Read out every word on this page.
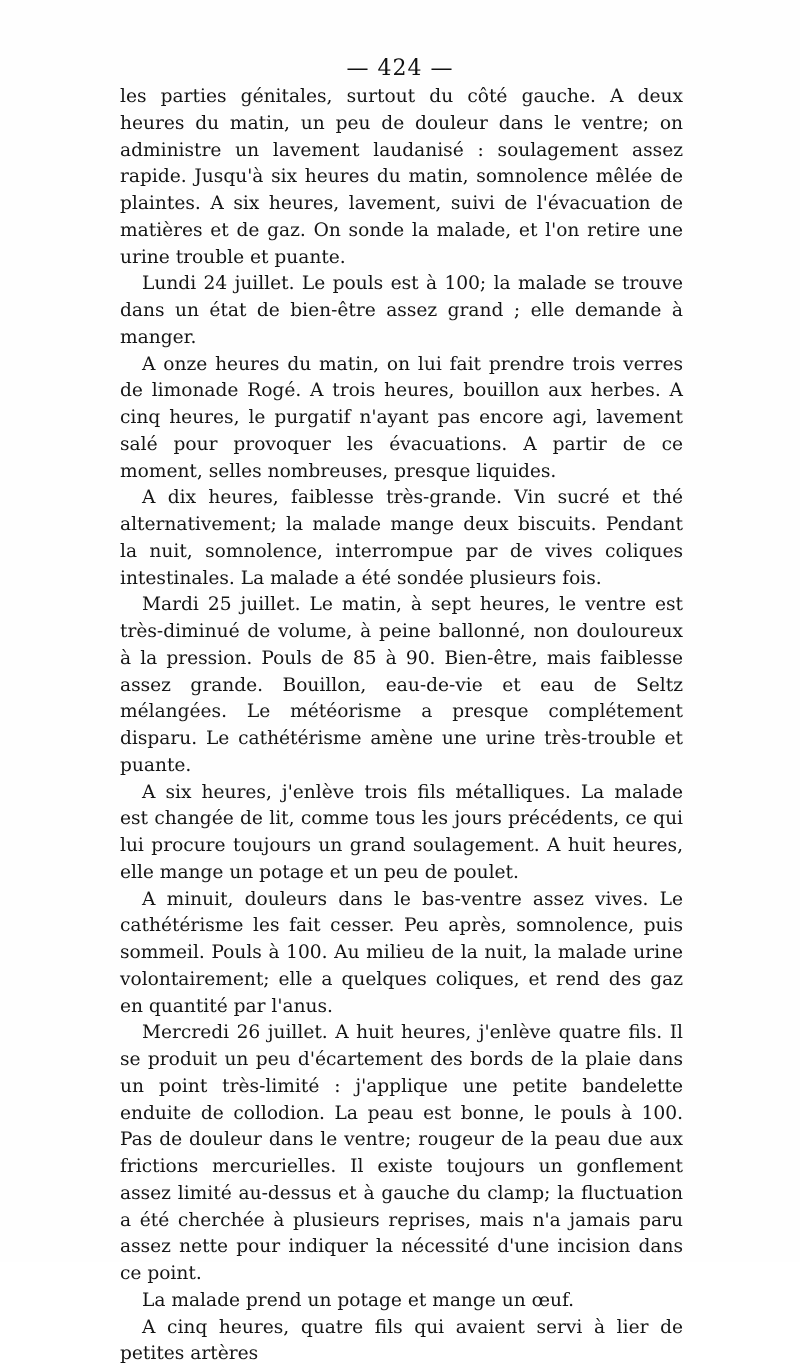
— 424 —

les parties génitales, surtout du côté gauche. A deux heures du matin, un peu de douleur dans le ventre; on administre un lavement laudanisé : soulagement assez rapide. Jusqu'à six heures du matin, somnolence mêlée de plaintes. A six heures, lavement, suivi de l'évacuation de matières et de gaz. On sonde la malade, et l'on retire une urine trouble et puante.

Lundi 24 juillet. Le pouls est à 100; la malade se trouve dans un état de bien-être assez grand ; elle demande à manger.

A onze heures du matin, on lui fait prendre trois verres de limonade Rogé. A trois heures, bouillon aux herbes. A cinq heures, le purgatif n'ayant pas encore agi, lavement salé pour provoquer les évacuations. A partir de ce moment, selles nombreuses, presque liquides.

A dix heures, faiblesse très-grande. Vin sucré et thé alternativement; la malade mange deux biscuits. Pendant la nuit, somnolence, interrompue par de vives coliques intestinales. La malade a été sondée plusieurs fois.

Mardi 25 juillet. Le matin, à sept heures, le ventre est très-diminué de volume, à peine ballonné, non douloureux à la pression. Pouls de 85 à 90. Bien-être, mais faiblesse assez grande. Bouillon, eau-de-vie et eau de Seltz mélangées. Le météorisme a presque complétement disparu. Le cathétérisme amène une urine très-trouble et puante.

A six heures, j'enlève trois fils métalliques. La malade est changée de lit, comme tous les jours précédents, ce qui lui procure toujours un grand soulagement. A huit heures, elle mange un potage et un peu de poulet.

A minuit, douleurs dans le bas-ventre assez vives. Le cathétérisme les fait cesser. Peu après, somnolence, puis sommeil. Pouls à 100. Au milieu de la nuit, la malade urine volontairement; elle a quelques coliques, et rend des gaz en quantité par l'anus.

Mercredi 26 juillet. A huit heures, j'enlève quatre fils. Il se produit un peu d'écartement des bords de la plaie dans un point très-limité : j'applique une petite bandelette enduite de collodion. La peau est bonne, le pouls à 100. Pas de douleur dans le ventre; rougeur de la peau due aux frictions mercurielles. Il existe toujours un gonflement assez limité au-dessus et à gauche du clamp; la fluctuation a été cherchée à plusieurs reprises, mais n'a jamais paru assez nette pour indiquer la nécessité d'une incision dans ce point.

La malade prend un potage et mange un œuf.

A cinq heures, quatre fils qui avaient servi à lier de petites artères
